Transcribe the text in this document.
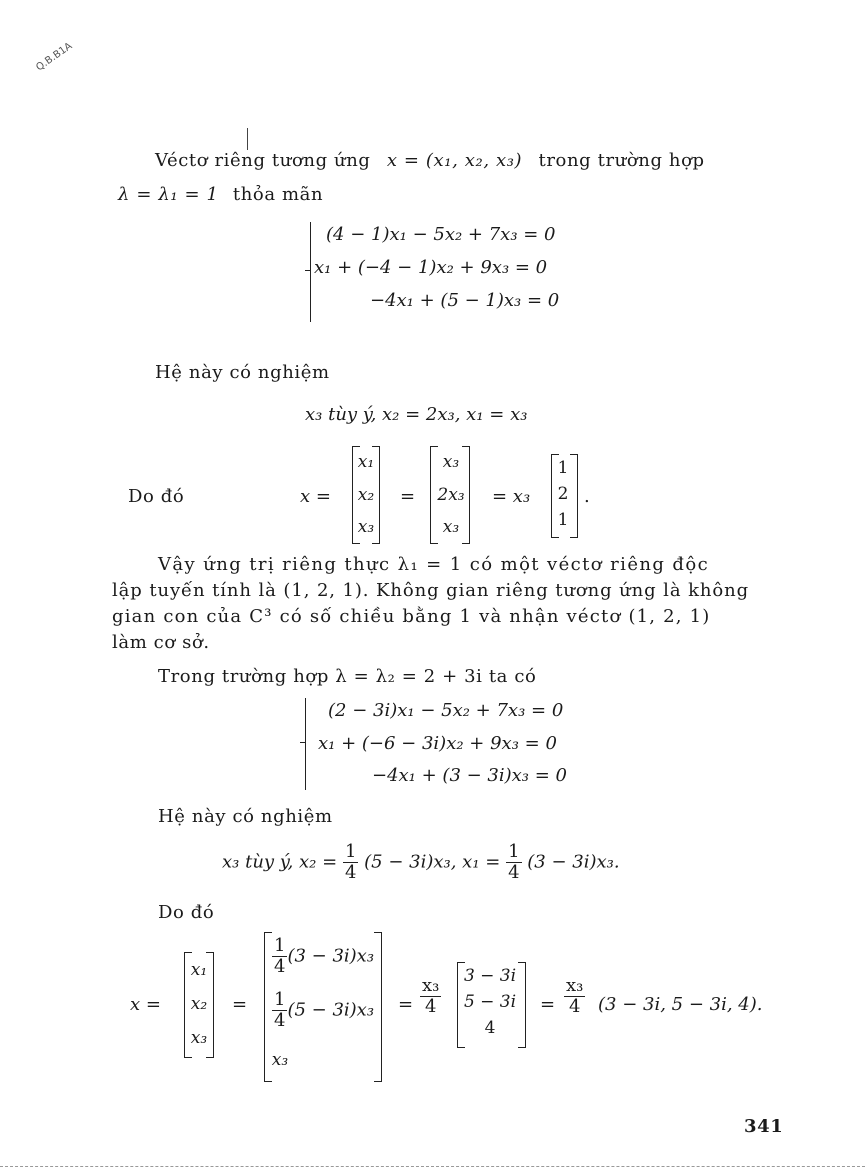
Q.B.B1A
Véctơ riêng tương ứng x = (x₁, x₂, x₃) trong trường hợp
λ = λ₁ = 1 thỏa mãn
(4 − 1)x₁ − 5x₂ + 7x₃ = 0
x₁ + (−4 − 1)x₂ + 9x₃ = 0
−4x₁ + (5 − 1)x₃ = 0
Hệ này có nghiệm
x₃ tùy ý, x₂ = 2x₃, x₁ = x₃
Do đó	x =
x₁
x₂
x₃
=
x₃
2x₃
x₃
= x₃
1
2
1
.
Vậy ứng trị riêng thực λ₁ = 1 có một véctơ riêng độc
lập tuyến tính là (1, 2, 1). Không gian riêng tương ứng là không
gian con của C³ có số chiều bằng 1 và nhận véctơ (1, 2, 1)
làm cơ sở.
Trong trường hợp λ = λ₂ = 2 + 3i ta có
(2 − 3i)x₁ − 5x₂ + 7x₃ = 0
x₁ + (−6 − 3i)x₂ + 9x₃ = 0
−4x₁ + (3 − 3i)x₃ = 0
Hệ này có nghiệm
x₃ tùy ý, $x_2 = \frac{1}{4} (5 - 3i)x_3$, $x_1 = \frac{1}{4} (3 - 3i)x_3$.
Do đó
x =
x₁
x₂
x₃
=
$\frac{1}{4} (3 - 3i)x_3$
$\frac{1}{4} (5 - 3i)x_3$
x₃
= $\frac{\text{x₃}}{4} 3 - 3i$
5 − 3i
4
= $\frac{\text{x₃}}{4} (3 - 3i$, 5 − 3i, 4).
341
